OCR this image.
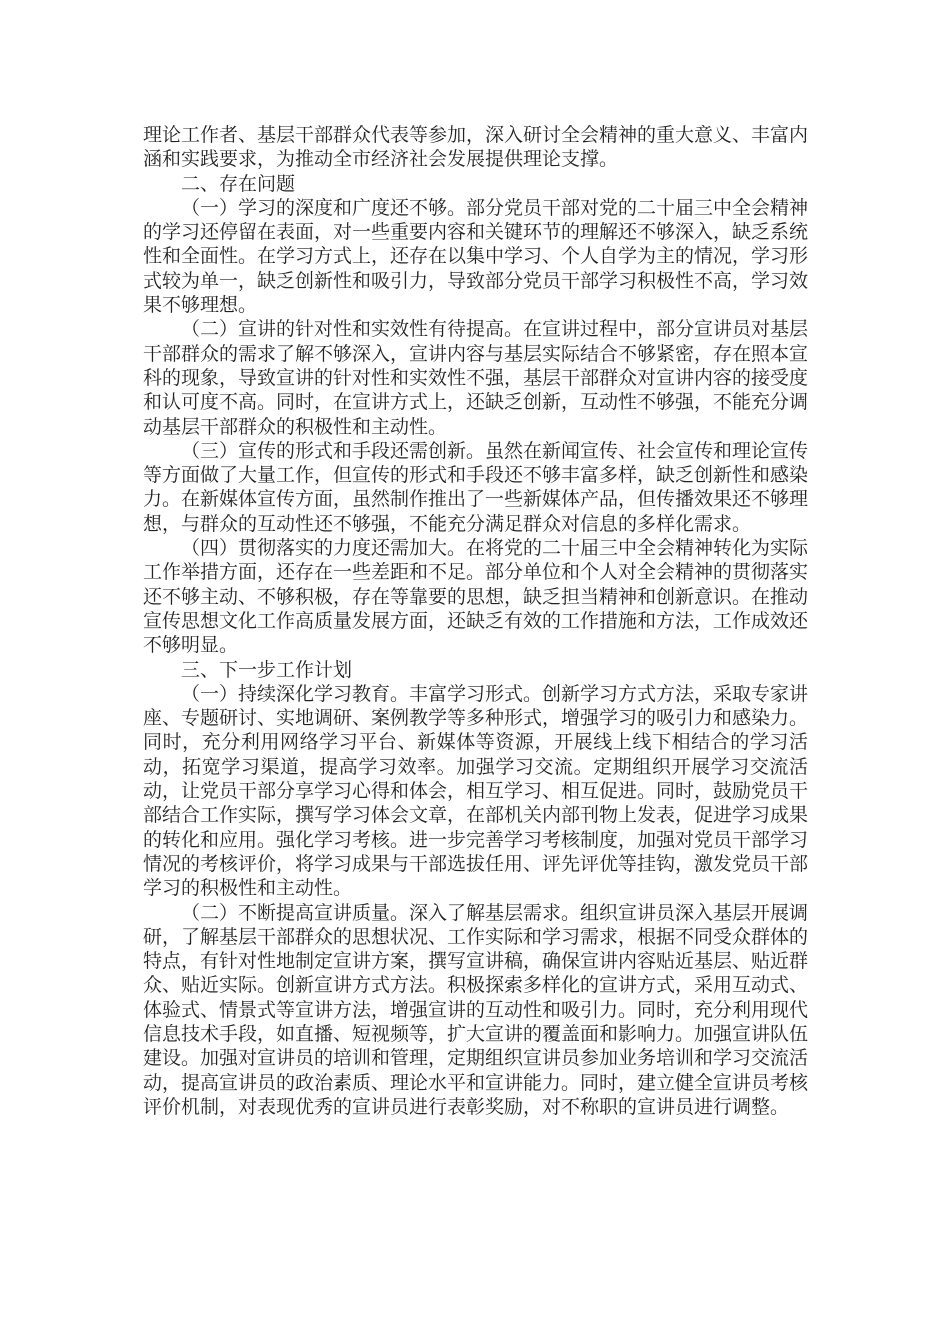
理论工作者、基层干部群众代表等参加，深入研讨全会精神的重大意义、丰富内涵和实践要求，为推动全市经济社会发展提供理论支撑。

二、存在问题

（一）学习的深度和广度还不够。部分党员干部对党的二十届三中全会精神的学习还停留在表面，对一些重要内容和关键环节的理解还不够深入，缺乏系统性和全面性。在学习方式上，还存在以集中学习、个人自学为主的情况，学习形式较为单一，缺乏创新性和吸引力，导致部分党员干部学习积极性不高，学习效果不够理想。

（二）宣讲的针对性和实效性有待提高。在宣讲过程中，部分宣讲员对基层干部群众的需求了解不够深入，宣讲内容与基层实际结合不够紧密，存在照本宣科的现象，导致宣讲的针对性和实效性不强，基层干部群众对宣讲内容的接受度和认可度不高。同时，在宣讲方式上，还缺乏创新，互动性不够强，不能充分调动基层干部群众的积极性和主动性。

（三）宣传的形式和手段还需创新。虽然在新闻宣传、社会宣传和理论宣传等方面做了大量工作，但宣传的形式和手段还不够丰富多样，缺乏创新性和感染力。在新媒体宣传方面，虽然制作推出了一些新媒体产品，但传播效果还不够理想，与群众的互动性还不够强，不能充分满足群众对信息的多样化需求。

（四）贯彻落实的力度还需加大。在将党的二十届三中全会精神转化为实际工作举措方面，还存在一些差距和不足。部分单位和个人对全会精神的贯彻落实还不够主动、不够积极，存在等靠要的思想，缺乏担当精神和创新意识。在推动宣传思想文化工作高质量发展方面，还缺乏有效的工作措施和方法，工作成效还不够明显。

三、下一步工作计划

（一）持续深化学习教育。丰富学习形式。创新学习方式方法，采取专家讲座、专题研讨、实地调研、案例教学等多种形式，增强学习的吸引力和感染力。同时，充分利用网络学习平台、新媒体等资源，开展线上线下相结合的学习活动，拓宽学习渠道，提高学习效率。加强学习交流。定期组织开展学习交流活动，让党员干部分享学习心得和体会，相互学习、相互促进。同时，鼓励党员干部结合工作实际，撰写学习体会文章，在部机关内部刊物上发表，促进学习成果的转化和应用。强化学习考核。进一步完善学习考核制度，加强对党员干部学习情况的考核评价，将学习成果与干部选拔任用、评先评优等挂钩，激发党员干部学习的积极性和主动性。

（二）不断提高宣讲质量。深入了解基层需求。组织宣讲员深入基层开展调研，了解基层干部群众的思想状况、工作实际和学习需求，根据不同受众群体的特点，有针对性地制定宣讲方案，撰写宣讲稿，确保宣讲内容贴近基层、贴近群众、贴近实际。创新宣讲方式方法。积极探索多样化的宣讲方式，采用互动式、体验式、情景式等宣讲方法，增强宣讲的互动性和吸引力。同时，充分利用现代信息技术手段，如直播、短视频等，扩大宣讲的覆盖面和影响力。加强宣讲队伍建设。加强对宣讲员的培训和管理，定期组织宣讲员参加业务培训和学习交流活动，提高宣讲员的政治素质、理论水平和宣讲能力。同时，建立健全宣讲员考核评价机制，对表现优秀的宣讲员进行表彰奖励，对不称职的宣讲员进行调整。
